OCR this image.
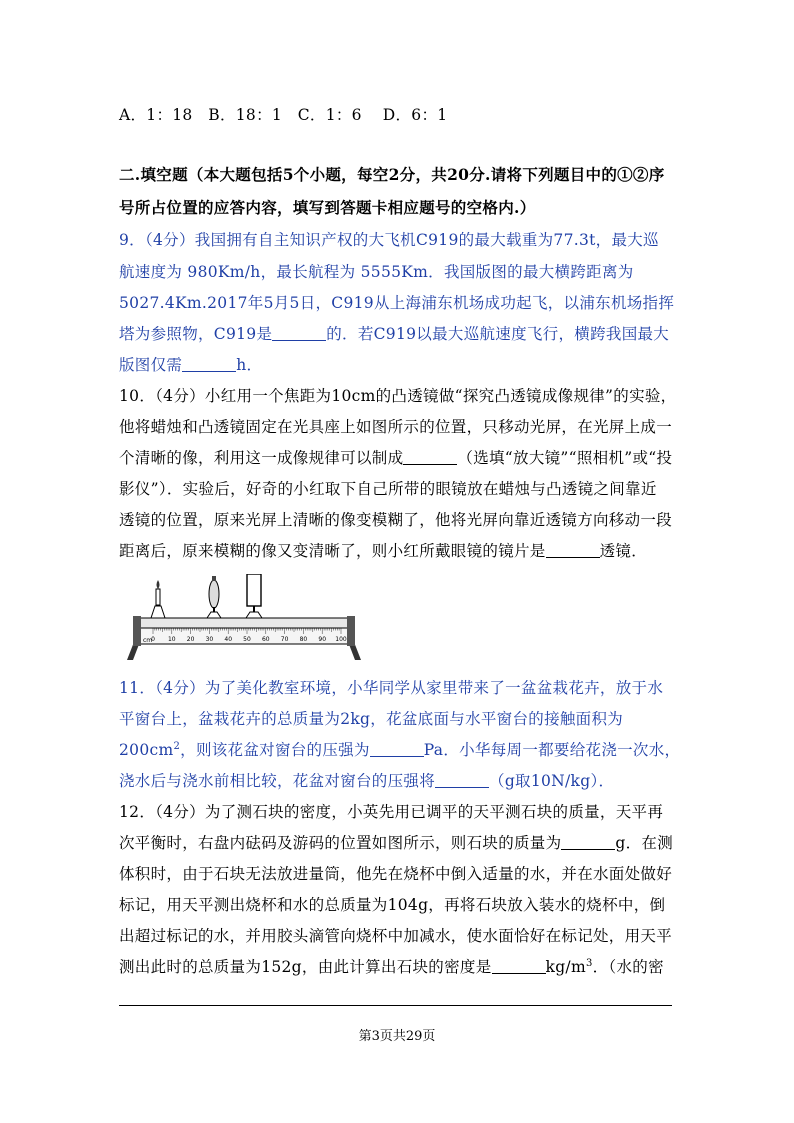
A．1：18 B．18：1 C．1：6 D．6：1
二.填空题（本大题包括5个小题，每空2分，共20分.请将下列题目中的①②序
号所占位置的应答内容，填写到答题卡相应题号的空格内.）
9．（4分）我国拥有自主知识产权的大飞机C919的最大载重为77.3t，最大巡
航速度为 980Km/h，最长航程为 5555Km．我国版图的最大横跨距离为
5027.4Km.2017年5月5日，C919从上海浦东机场成功起飞，以浦东机场指挥
塔为参照物，C919是	的．若C919以最大巡航速度飞行，横跨我国最大
版图仅需	h．
10．（4分）小红用一个焦距为10cm的凸透镜做“探究凸透镜成像规律”的实验，
他将蜡烛和凸透镜固定在光具座上如图所示的位置，只移动光屏，在光屏上成一
个清晰的像，利用这一成像规律可以制成	（选填“放大镜”“照相机”或“投
影仪”）．实验后，好奇的小红取下自己所带的眼镜放在蜡烛与凸透镜之间靠近
透镜的位置，原来光屏上清晰的像变模糊了，他将光屏向靠近透镜方向移动一段
距离后，原来模糊的像又变清晰了，则小红所戴眼镜的镜片是	透镜．
cm
0 10 20 30 40 50 60 70 80 90 100
11．（4分）为了美化教室环境，小华同学从家里带来了一盆盆栽花卉，放于水
平窗台上，盆栽花卉的总质量为2kg，花盆底面与水平窗台的接触面积为
$200cm^2$，则该花盆对窗台的压强为	Pa．小华每周一都要给花浇一次水，
浇水后与浇水前相比较，花盆对窗台的压强将	（g取10N/kg）．
12．（4分）为了测石块的密度，小英先用已调平的天平测石块的质量，天平再
次平衡时，右盘内砝码及游码的位置如图所示，则石块的质量为	g．在测
体积时，由于石块无法放进量筒，他先在烧杯中倒入适量的水，并在水面处做好
标记，用天平测出烧杯和水的总质量为104g，再将石块放入装水的烧杯中，倒
出超过标记的水，并用胶头滴管向烧杯中加减水，使水面恰好在标记处，用天平
测出此时的总质量为152g，由此计算出石块的密度是	$kg/m^3$．（水的密
第3页共29页
